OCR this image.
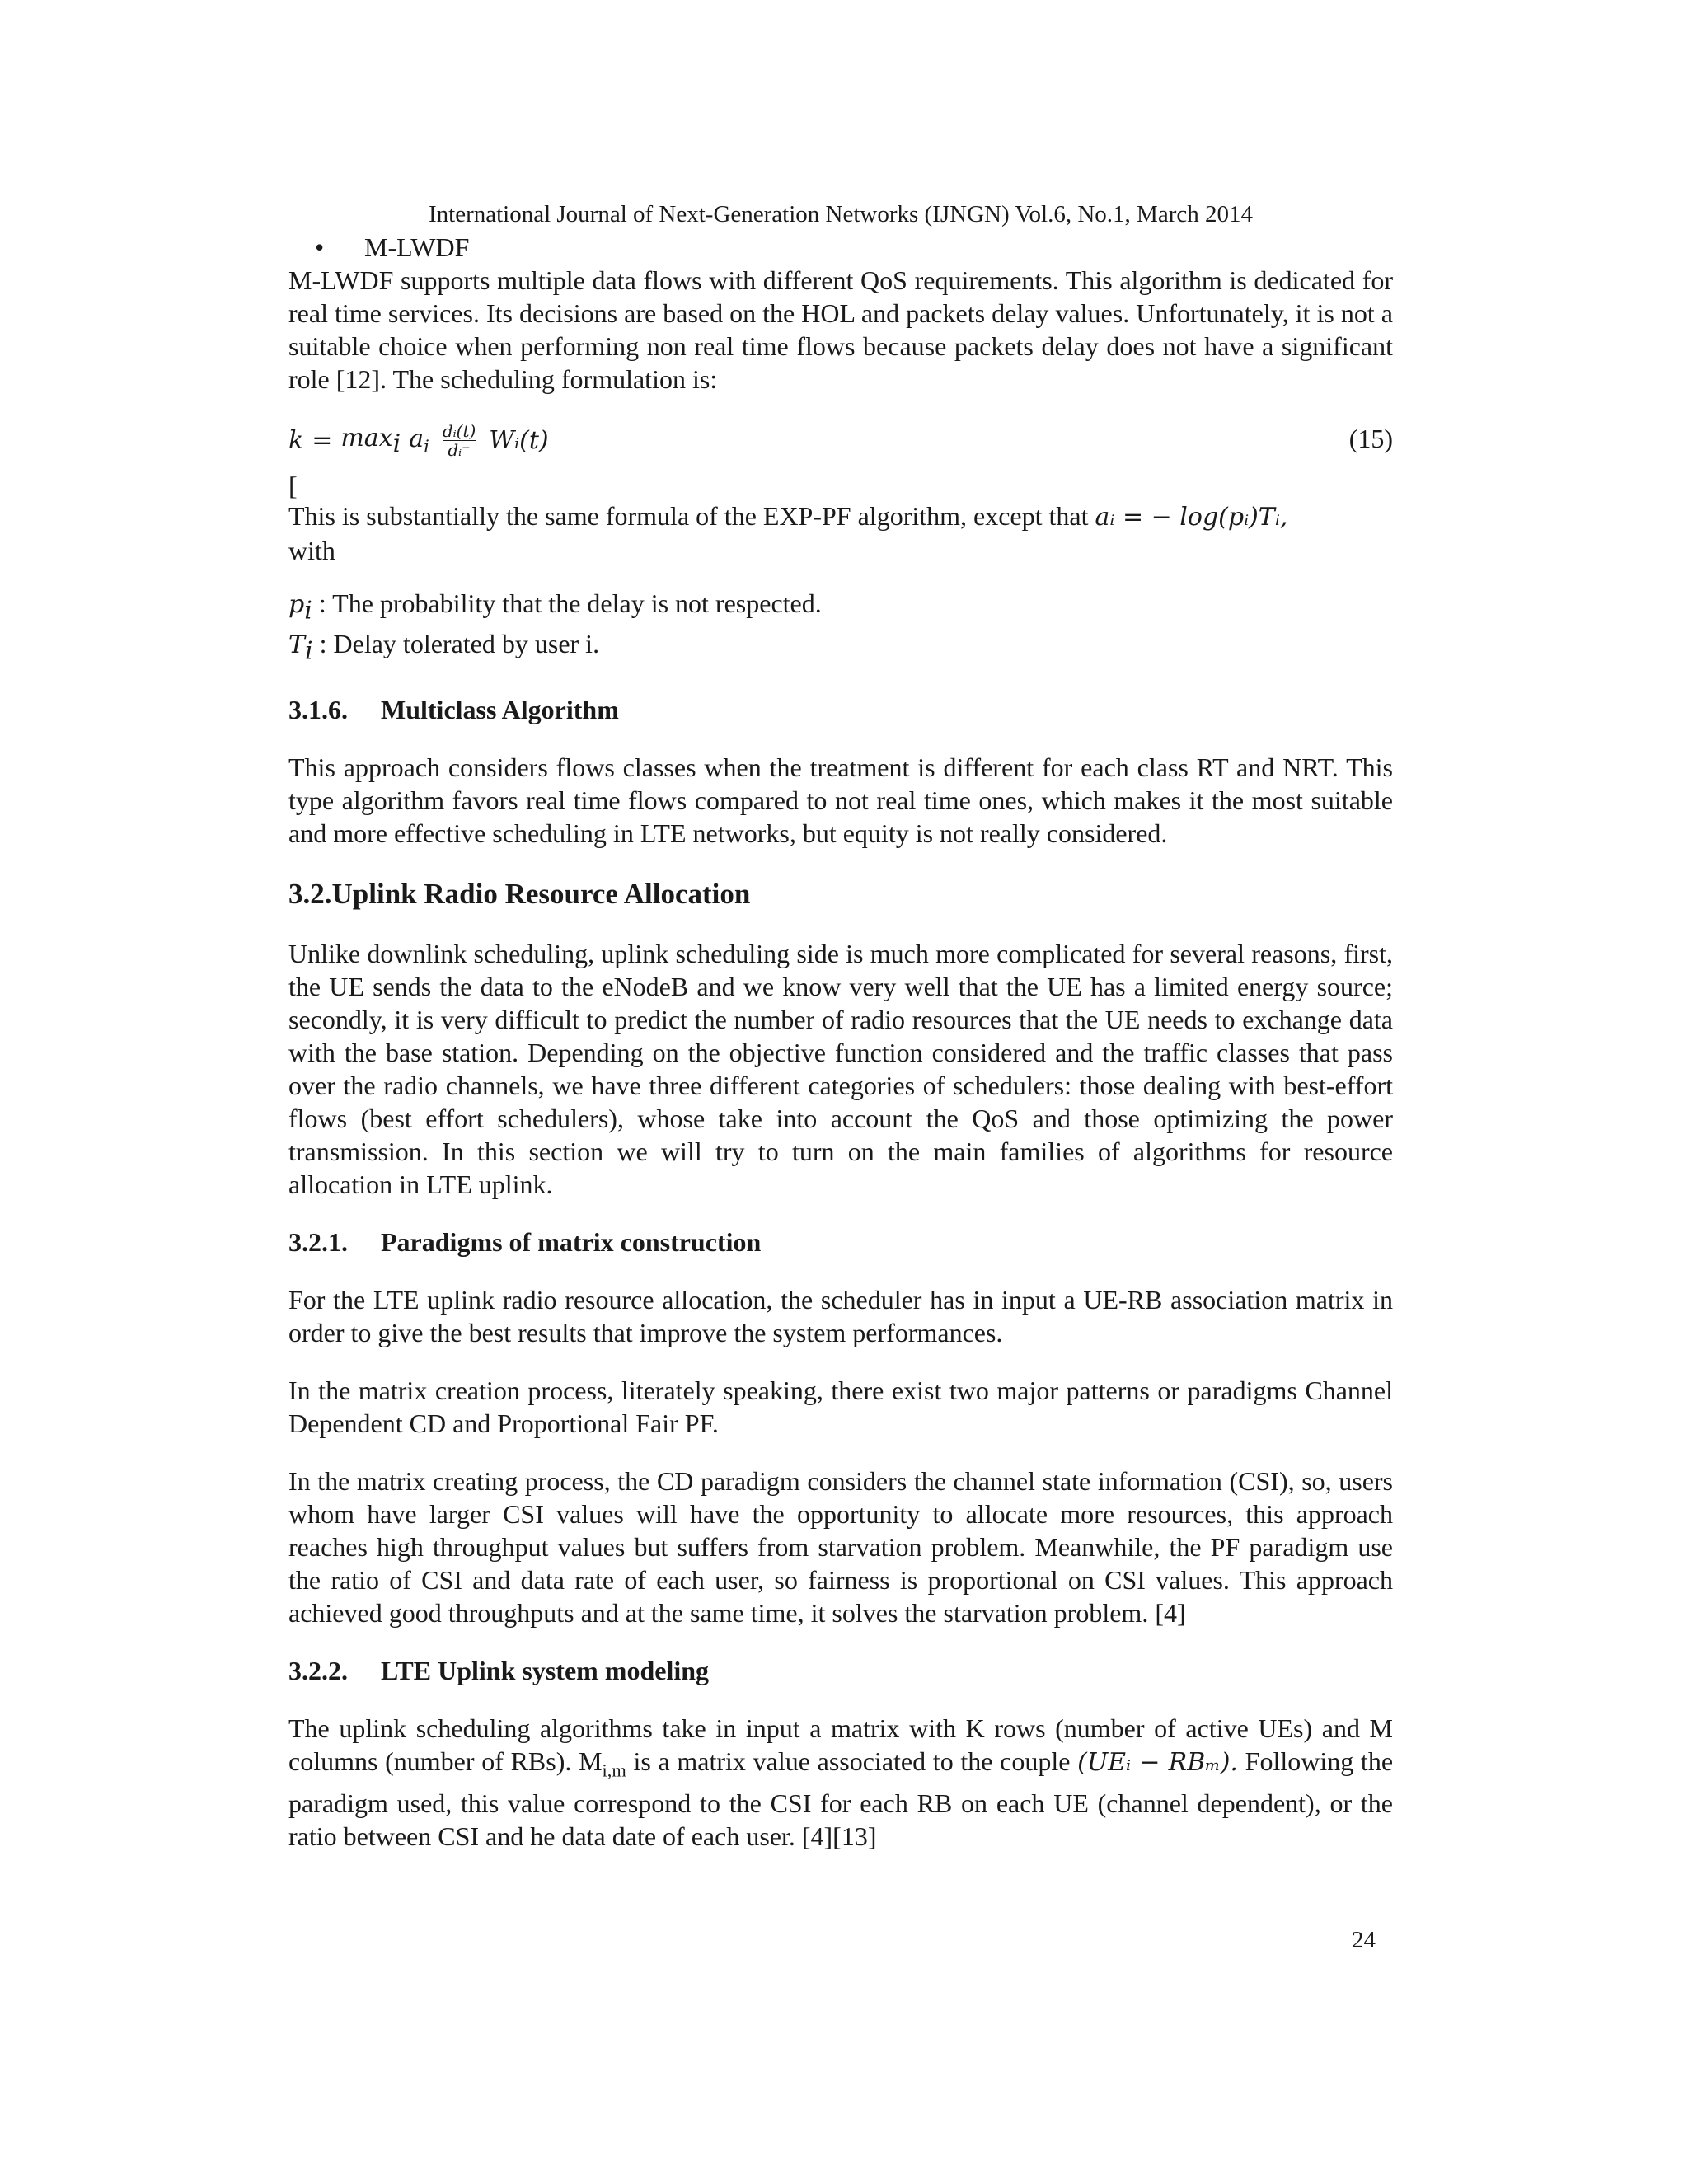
International Journal of Next-Generation Networks (IJNGN) Vol.6, No.1, March 2014

• M-LWDF

M-LWDF supports multiple data flows with different QoS requirements. This algorithm is dedicated for real time services. Its decisions are based on the HOL and packets delay values. Unfortunately, it is not a suitable choice when performing non real time flows because packets delay does not have a significant role [12]. The scheduling formulation is:

$k = \max_i a_i \frac{\text{dᵢ(t)}}{\text{dᵢ⁻}}$ Wᵢ(t)	(15)

[

This is substantially the same formula of the EXP-PF algorithm, except that aᵢ = − log(pᵢ)Tᵢ,
with

$p_i$ : The probability that the delay is not respected.

$T_i$ : Delay tolerated by user i.

3.1.6. Multiclass Algorithm

This approach considers flows classes when the treatment is different for each class RT and NRT. This type algorithm favors real time flows compared to not real time ones, which makes it the most suitable and more effective scheduling in LTE networks, but equity is not really considered.

3.2.Uplink Radio Resource Allocation

Unlike downlink scheduling, uplink scheduling side is much more complicated for several reasons, first, the UE sends the data to the eNodeB and we know very well that the UE has a limited energy source; secondly, it is very difficult to predict the number of radio resources that the UE needs to exchange data with the base station. Depending on the objective function considered and the traffic classes that pass over the radio channels, we have three different categories of schedulers: those dealing with best-effort flows (best effort schedulers), whose take into account the QoS and those optimizing the power transmission. In this section we will try to turn on the main families of algorithms for resource allocation in LTE uplink.

3.2.1. Paradigms of matrix construction

For the LTE uplink radio resource allocation, the scheduler has in input a UE-RB association matrix in order to give the best results that improve the system performances.

In the matrix creation process, literately speaking, there exist two major patterns or paradigms Channel Dependent CD and Proportional Fair PF.

In the matrix creating process, the CD paradigm considers the channel state information (CSI), so, users whom have larger CSI values will have the opportunity to allocate more resources, this approach reaches high throughput values but suffers from starvation problem. Meanwhile, the PF paradigm use the ratio of CSI and data rate of each user, so fairness is proportional on CSI values. This approach achieved good throughputs and at the same time, it solves the starvation problem. [4]

3.2.2. LTE Uplink system modeling

The uplink scheduling algorithms take in input a matrix with K rows (number of active UEs) and M columns (number of RBs). $M_{i,m}$ is a matrix value associated to the couple (UEᵢ − RBₘ). Following the paradigm used, this value correspond to the CSI for each RB on each UE (channel dependent), or the ratio between CSI and he data date of each user. [4][13]

24
